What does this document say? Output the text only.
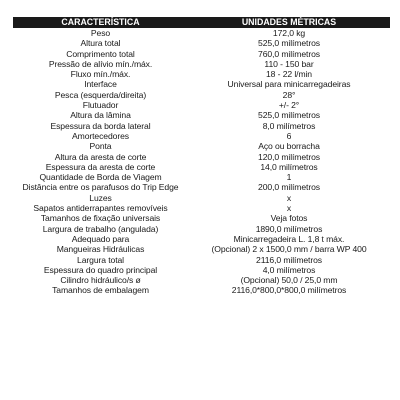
CARACTERÍSTICA	UNIDADES MÉTRICAS
Peso	172,0 kg
Altura total	525,0 milímetros
Comprimento total	760,0 milímetros
Pressão de alívio mín./máx.	110 - 150 bar
Fluxo mín./máx.	18 - 22 l/min
Interface	Universal para minicarregadeiras
Pesca (esquerda/direita)	28°
Flutuador	+/- 2°
Altura da lâmina	525,0 milímetros
Espessura da borda lateral	8,0 milímetros
Amortecedores	6
Ponta	Aço ou borracha
Altura da aresta de corte	120,0 milímetros
Espessura da aresta de corte	14,0 milímetros
Quantidade de Borda de Viagem	1
Distância entre os parafusos do Trip Edge	200,0 milímetros
Luzes	x
Sapatos antiderrapantes removíveis	x
Tamanhos de fixação universais	Veja fotos
Largura de trabalho (angulada)	1890,0 milímetros
Adequado para	Minicarregadeira L. 1,8 t máx.
Mangueiras Hidráulicas	(Opcional) 2 x 1500,0 mm / barra WP 400
Largura total	2116,0 milímetros
Espessura do quadro principal	4,0 milímetros
Cilindro hidráulico/s ø	(Opcional) 50,0 / 25,0 mm
Tamanhos de embalagem	2116,0*800,0*800,0 milímetros
